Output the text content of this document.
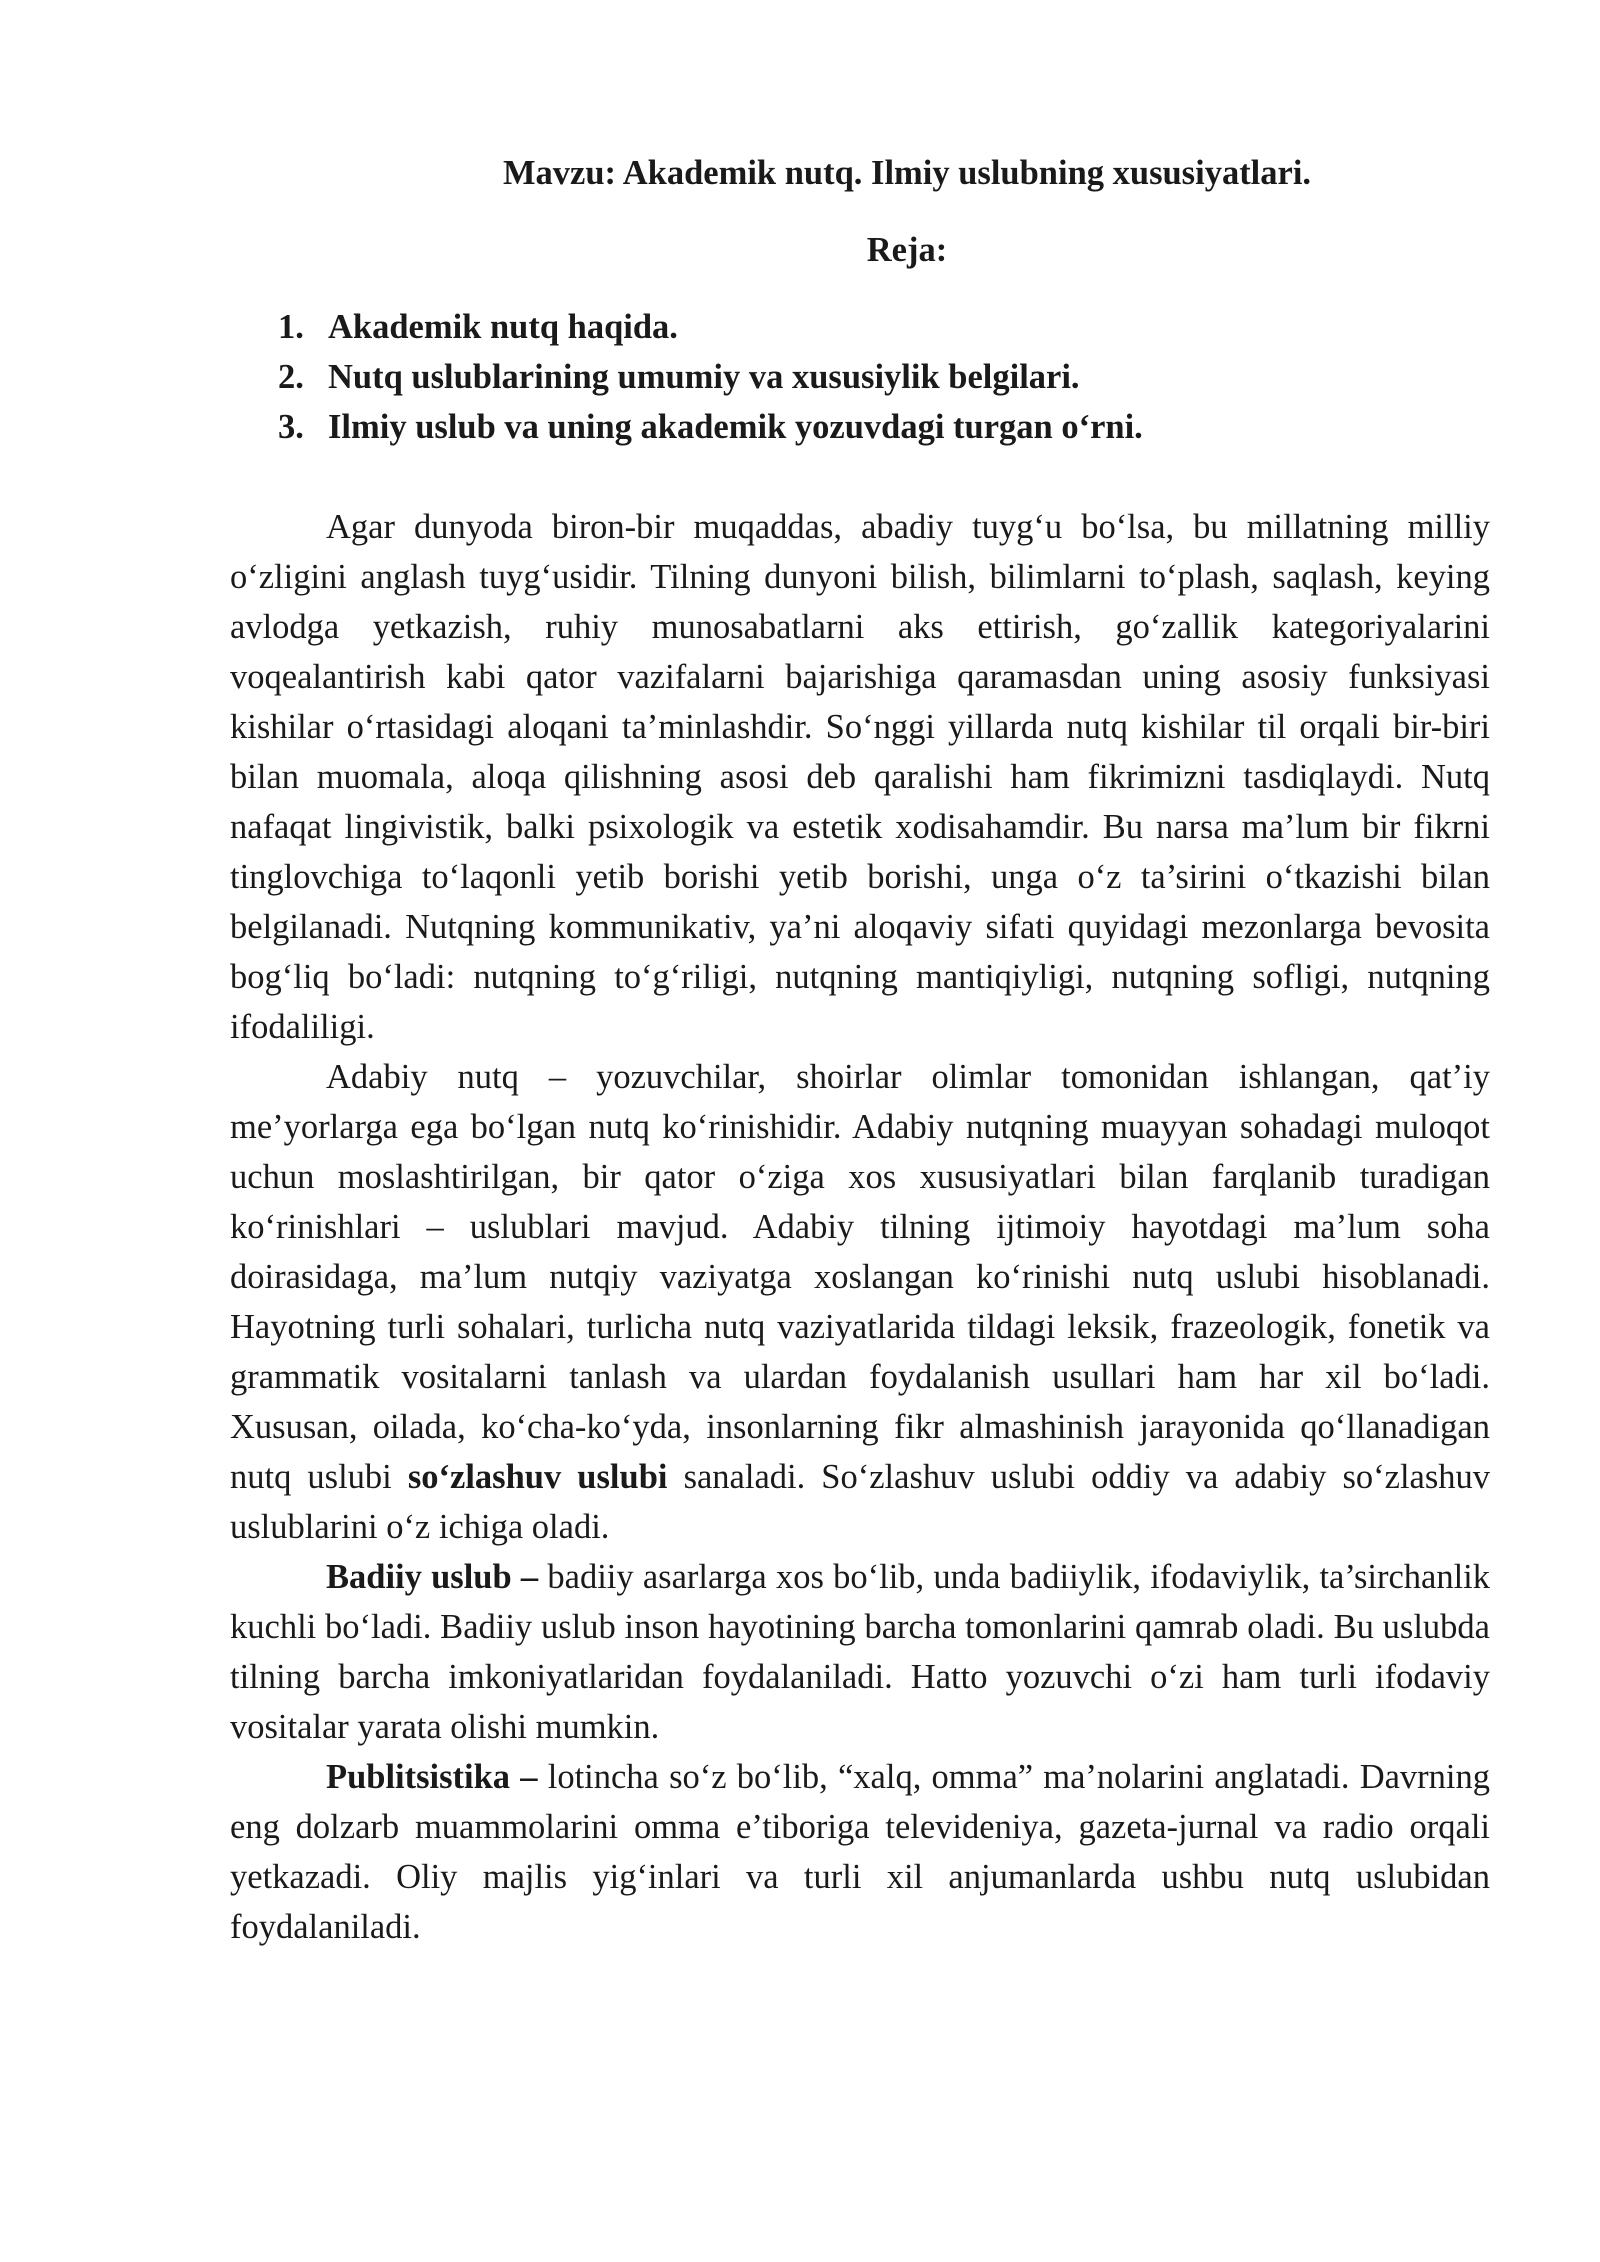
Mavzu: Akademik nutq. Ilmiy uslubning xususiyatlari.

Reja:

1. Akademik nutq haqida.
2. Nutq uslublarining umumiy va xususiylik belgilari.
3. Ilmiy uslub va uning akademik yozuvdagi turgan o‘rni.

Agar dunyoda biron-bir muqaddas, abadiy tuyg‘u bo‘lsa, bu millatning milliy o‘zligini anglash tuyg‘usidir. Tilning dunyoni bilish, bilimlarni to‘plash, saqlash, keying avlodga yetkazish, ruhiy munosabatlarni aks ettirish, go‘zallik kategoriyalarini voqealantirish kabi qator vazifalarni bajarishiga qaramasdan uning asosiy funksiyasi kishilar o‘rtasidagi aloqani ta’minlashdir. So‘nggi yillarda nutq kishilar til orqali bir-biri bilan muomala, aloqa qilishning asosi deb qaralishi ham fikrimizni tasdiqlaydi. Nutq nafaqat lingivistik, balki psixologik va estetik xodisahamdir. Bu narsa ma’lum bir fikrni tinglovchiga to‘laqonli yetib borishi yetib borishi, unga o‘z ta’sirini o‘tkazishi bilan belgilanadi. Nutqning kommunikativ, ya’ni aloqaviy sifati quyidagi mezonlarga bevosita bog‘liq bo‘ladi: nutqning to‘g‘riligi, nutqning mantiqiyligi, nutqning sofligi, nutqning ifodaliligi.

Adabiy nutq – yozuvchilar, shoirlar olimlar tomonidan ishlangan, qat’iy me’yorlarga ega bo‘lgan nutq ko‘rinishidir. Adabiy nutqning muayyan sohadagi muloqot uchun moslashtirilgan, bir qator o‘ziga xos xususiyatlari bilan farqlanib turadigan ko‘rinishlari – uslublari mavjud. Adabiy tilning ijtimoiy hayotdagi ma’lum soha doirasidaga, ma’lum nutqiy vaziyatga xoslangan ko‘rinishi nutq uslubi hisoblanadi. Hayotning turli sohalari, turlicha nutq vaziyatlarida tildagi leksik, frazeologik, fonetik va grammatik vositalarni tanlash va ulardan foydalanish usullari ham har xil bo‘ladi. Xususan, oilada, ko‘cha-ko‘yda, insonlarning fikr almashinish jarayonida qo‘llanadigan nutq uslubi so‘zlashuv uslubi sanaladi. So‘zlashuv uslubi oddiy va adabiy so‘zlashuv uslublarini o‘z ichiga oladi.

Badiiy uslub – badiiy asarlarga xos bo‘lib, unda badiiylik, ifodaviylik, ta’sirchanlik kuchli bo‘ladi. Badiiy uslub inson hayotining barcha tomonlarini qamrab oladi. Bu uslubda tilning barcha imkoniyatlaridan foydalaniladi. Hatto yozuvchi o‘zi ham turli ifodaviy vositalar yarata olishi mumkin.

Publitsistika – lotincha so‘z bo‘lib, “xalq, omma” ma’nolarini anglatadi. Davrning eng dolzarb muammolarini omma e’tiboriga televideniya, gazeta-jurnal va radio orqali yetkazadi. Oliy majlis yig‘inlari va turli xil anjumanlarda ushbu nutq uslubidan foydalaniladi.
